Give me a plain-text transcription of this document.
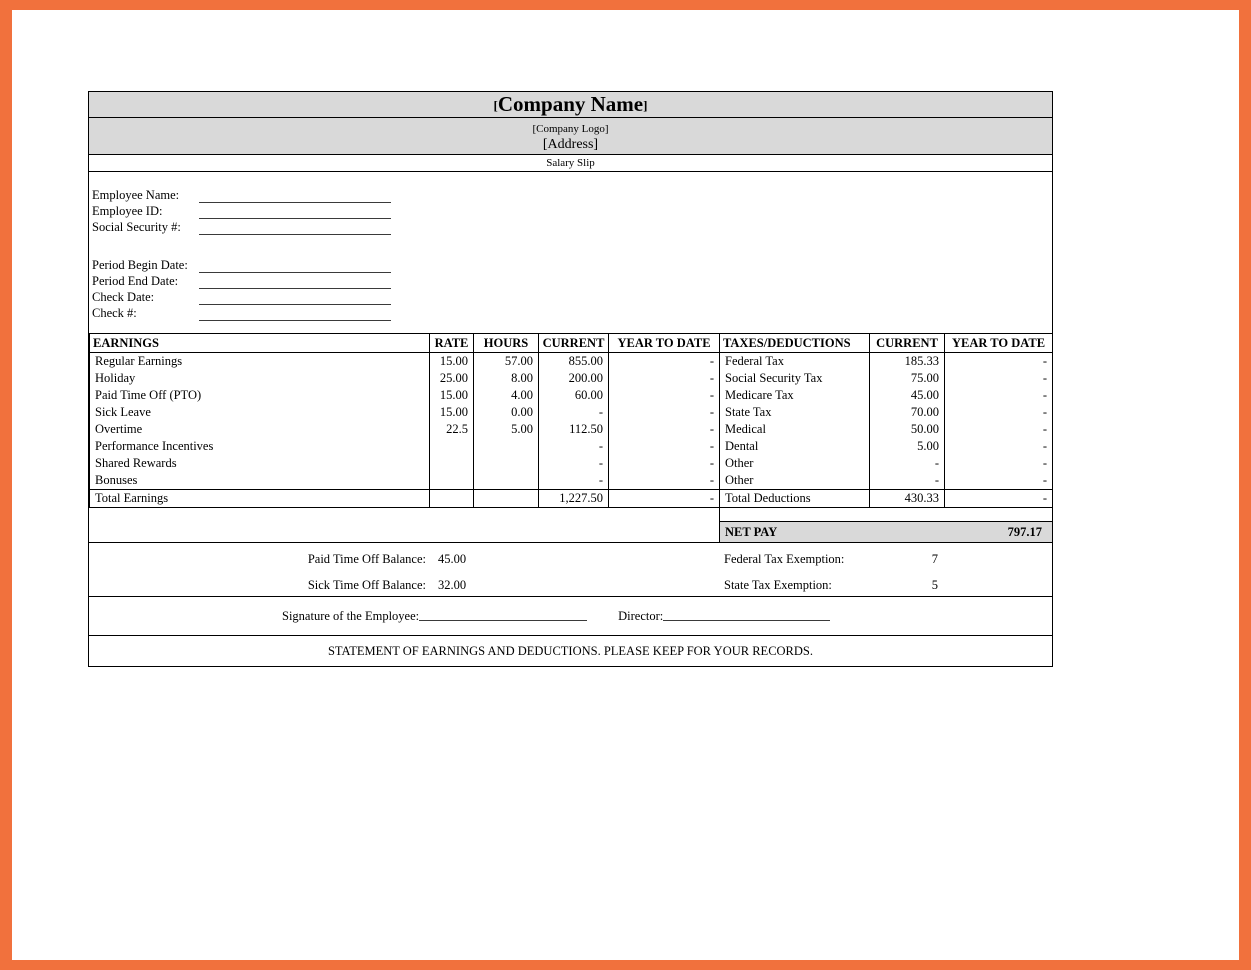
[ Company Name ]
[Company Logo]
[Address]
Salary Slip
Employee Name:
Employee ID:
Social Security #:
Period Begin Date:
Period End Date:
Check Date:
Check #:
EARNINGS	RATE	HOURS	CURRENT	YEAR TO DATE	TAXES/DEDUCTIONS	CURRENT	YEAR TO DATE
Regular Earnings	15.00	57.00	855.00	-	Federal Tax	185.33	-
Holiday	25.00	8.00	200.00	-	Social Security Tax	75.00	-
Paid Time Off (PTO)	15.00	4.00	60.00	-	Medicare Tax	45.00	-
Sick Leave	15.00	0.00	-	-	State Tax	70.00	-
Overtime	22.5	5.00	112.50	-	Medical	50.00	-
Performance Incentives			-	-	Dental	5.00	-
Shared Rewards			-	-	Other	-	-
Bonuses			-	-	Other	-	-
Total Earnings			1,227.50	-	Total Deductions	430.33	-
NET PAY	797.17
Paid Time Off Balance: 45.00	Federal Tax Exemption:	7
Sick Time Off Balance: 32.00	State Tax Exemption:	5
Signature of the Employee:	Director:
STATEMENT OF EARNINGS AND DEDUCTIONS. PLEASE KEEP FOR YOUR RECORDS.
